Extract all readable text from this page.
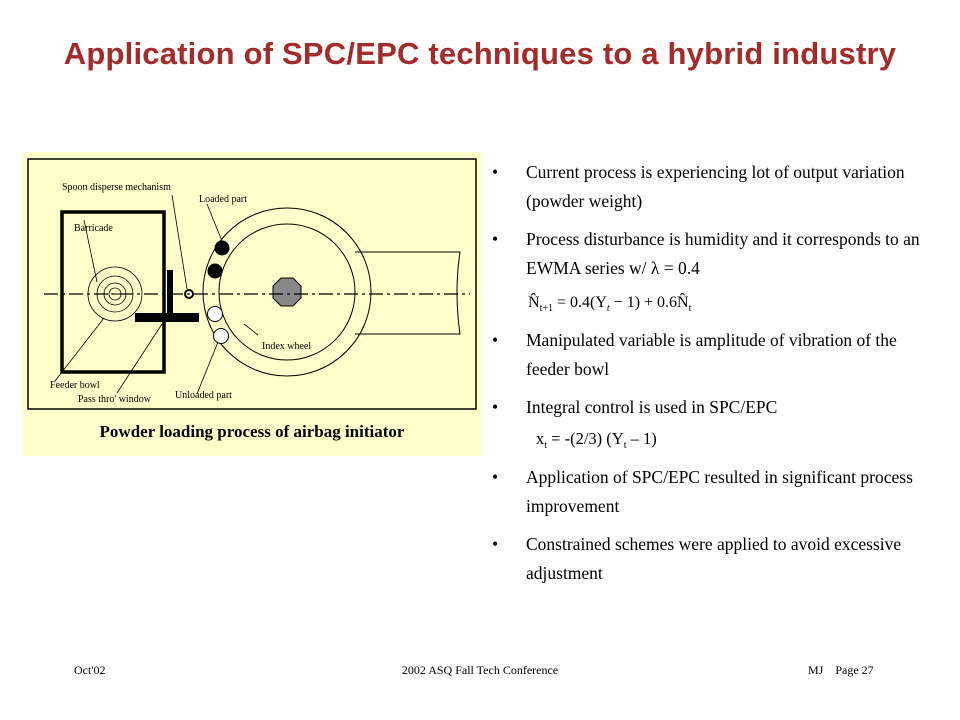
Application of SPC/EPC techniques to a hybrid industry
Spoon disperse mechanism
Loaded part
Barricade
Index wheel
Feeder bowl
Pass thro' window Unloaded part
Powder loading process of airbag initiator
• Current process is experiencing lot of output variation (powder weight)
• Process disturbance is humidity and it corresponds to an EWMA series w/ λ = 0.4
$N̂_{t+1} = 0.4(Y_t - 1)$ + $0.6N̂_t$
• Manipulated variable is amplitude of vibration of the feeder bowl
• Integral control is used in SPC/EPC
$x_t = -(2/3)$ $(Y_t - 1)$
• Application of SPC/EPC resulted in significant process improvement
• Constrained schemes were applied to avoid excessive adjustment
Oct'02	2002 ASQ Fall Tech Conference	MJ    Page 27
